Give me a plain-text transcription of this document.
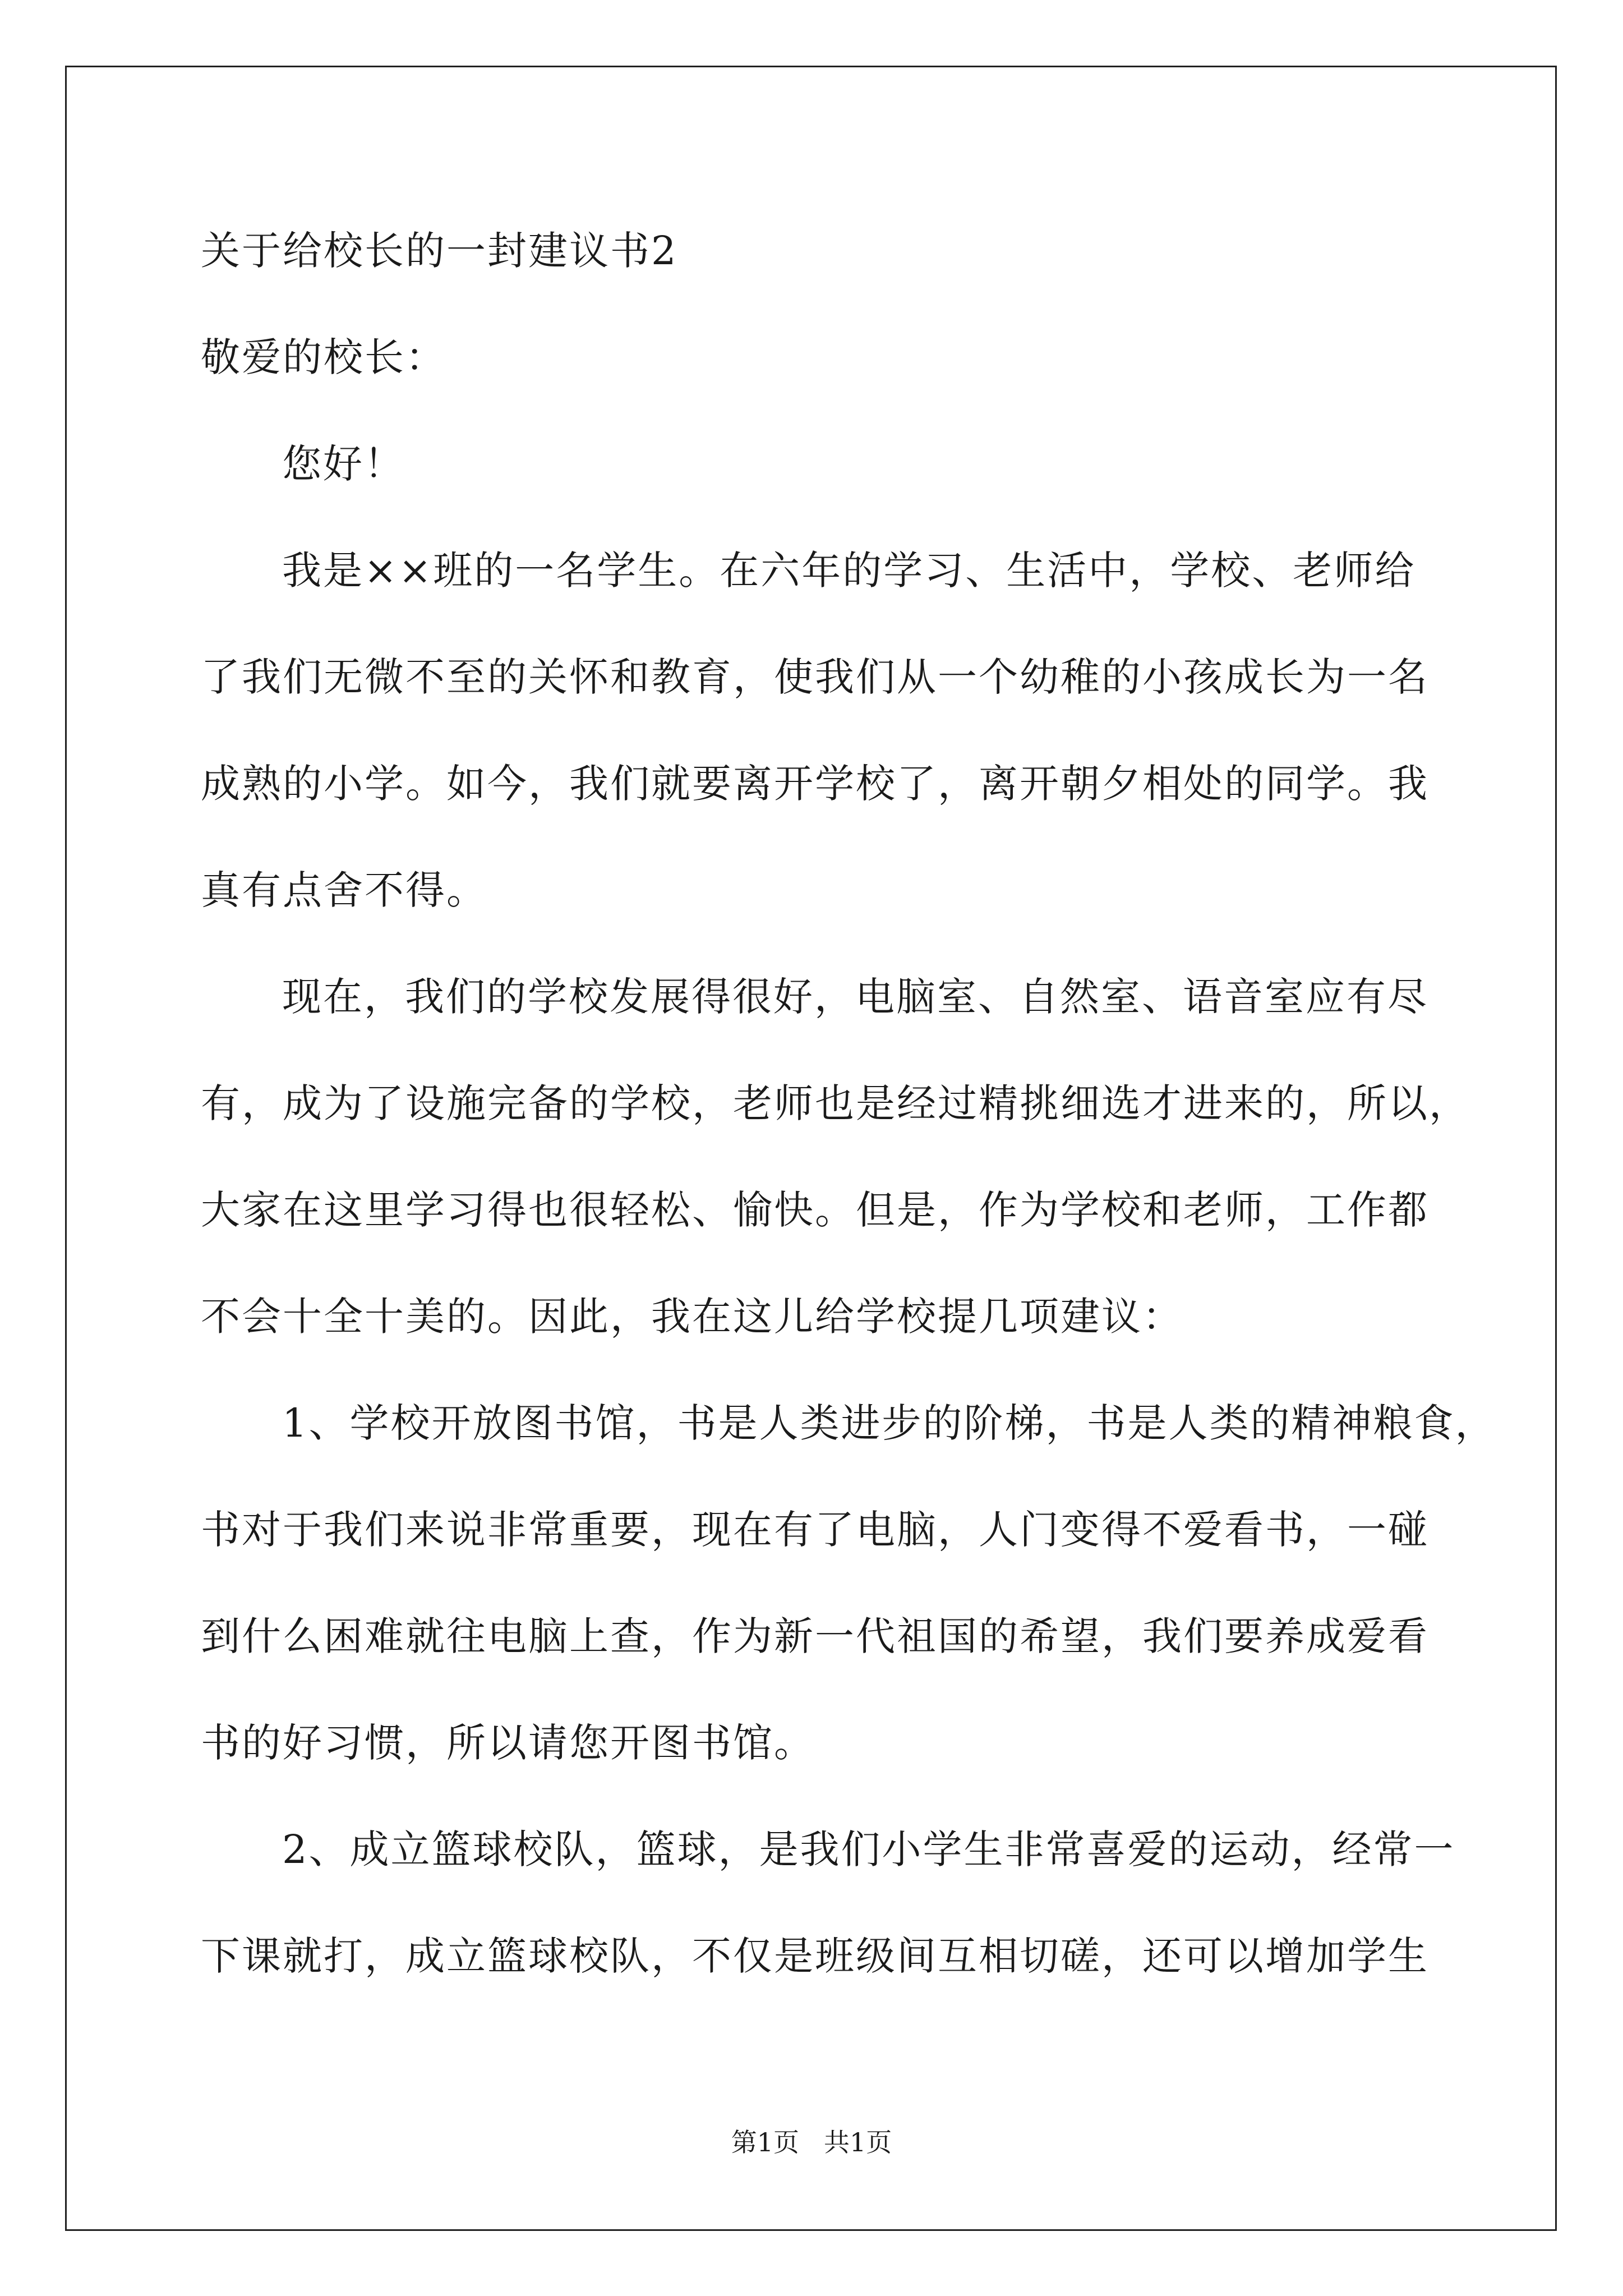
关于给校长的一封建议书2
敬爱的校长：
您好！
我是××班的一名学生。在六年的学习、生活中，学校、老师给
了我们无微不至的关怀和教育，使我们从一个幼稚的小孩成长为一名
成熟的小学。如今，我们就要离开学校了，离开朝夕相处的同学。我
真有点舍不得。
现在，我们的学校发展得很好，电脑室、自然室、语音室应有尽
有，成为了设施完备的学校，老师也是经过精挑细选才进来的，所以，
大家在这里学习得也很轻松、愉快。但是，作为学校和老师，工作都
不会十全十美的。因此，我在这儿给学校提几项建议：
1、学校开放图书馆，书是人类进步的阶梯，书是人类的精神粮食，
书对于我们来说非常重要，现在有了电脑，人门变得不爱看书，一碰
到什么困难就往电脑上查，作为新一代祖国的希望，我们要养成爱看
书的好习惯，所以请您开图书馆。
2、成立篮球校队，篮球，是我们小学生非常喜爱的运动，经常一
下课就打，成立篮球校队，不仅是班级间互相切磋，还可以增加学生
第1页 共1页
